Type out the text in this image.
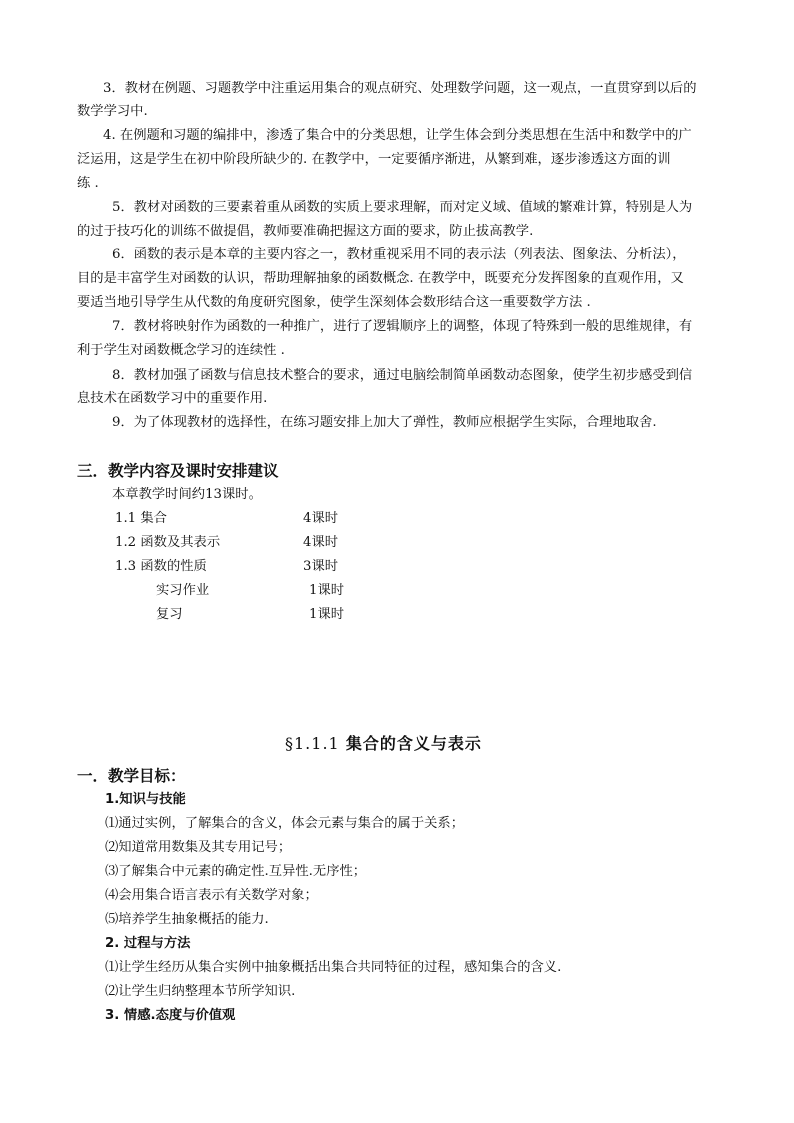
3．教材在例题、习题教学中注重运用集合的观点研究、处理数学问题，这一观点，一直贯穿到以后的
数学学习中.
4. 在例题和习题的编排中，渗透了集合中的分类思想，让学生体会到分类思想在生活中和数学中的广
泛运用，这是学生在初中阶段所缺少的. 在教学中，一定要循序渐进，从繁到难，逐步渗透这方面的训
练 .
5．教材对函数的三要素着重从函数的实质上要求理解，而对定义域、值域的繁难计算，特别是人为
的过于技巧化的训练不做提倡，教师要准确把握这方面的要求，防止拔高教学.
6．函数的表示是本章的主要内容之一，教材重视采用不同的表示法（列表法、图象法、分析法），
目的是丰富学生对函数的认识，帮助理解抽象的函数概念. 在教学中，既要充分发挥图象的直观作用，又
要适当地引导学生从代数的角度研究图象，使学生深刻体会数形结合这一重要数学方法 .
7．教材将映射作为函数的一种推广，进行了逻辑顺序上的调整，体现了特殊到一般的思维规律，有
利于学生对函数概念学习的连续性 .
8．教材加强了函数与信息技术整合的要求，通过电脑绘制简单函数动态图象，使学生初步感受到信
息技术在函数学习中的重要作用.
9．为了体现教材的选择性，在练习题安排上加大了弹性，教师应根据学生实际，合理地取舍.
三．教学内容及课时安排建议
本章教学时间约13课时。
1.1 集合	4课时
1.2 函数及其表示	4课时
1.3 函数的性质	3课时
实习作业	1课时
复习	1课时
§1.1.1 集合的含义与表示
一．教学目标：
1.知识与技能
⑴通过实例，了解集合的含义，体会元素与集合的属于关系；
⑵知道常用数集及其专用记号；
⑶了解集合中元素的确定性.互异性.无序性；
⑷会用集合语言表示有关数学对象；
⑸培养学生抽象概括的能力.
2. 过程与方法
⑴让学生经历从集合实例中抽象概括出集合共同特征的过程，感知集合的含义.
⑵让学生归纳整理本节所学知识.
3. 情感.态度与价值观
